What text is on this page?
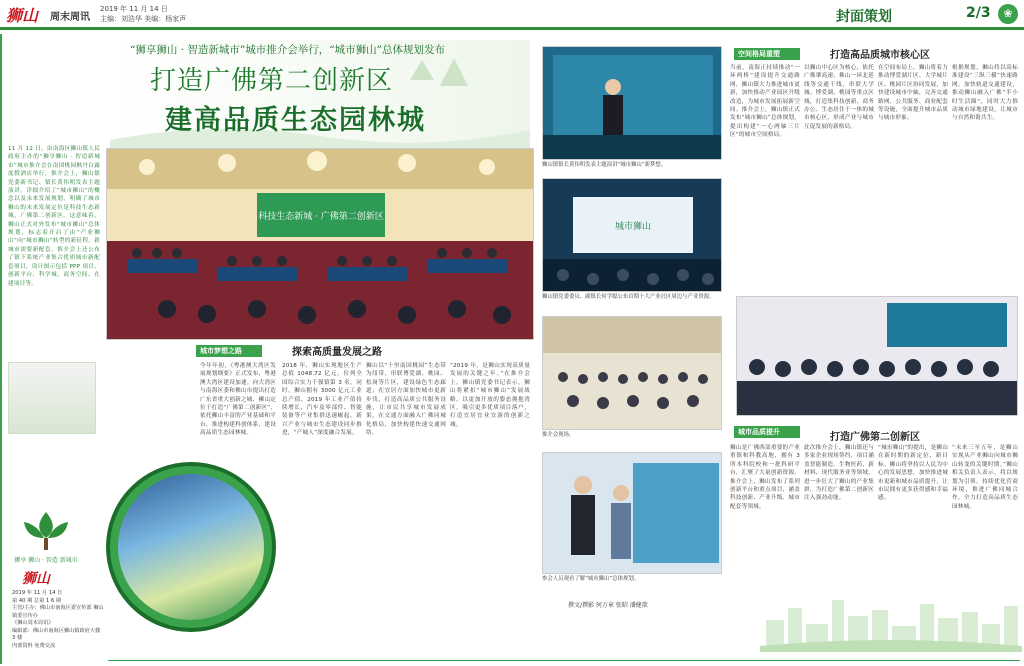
狮山	周末周讯
2019 年 11 月 14 日
主编：刘浩华 美编：杨家声	封面策划	2/3	❀
“狮享狮山 · 智造新城市”城市推介会举行，“城市狮山”总体规划发布
打造广佛第二创新区
建高品质生态园林城
11 月 12 日，由南海区狮山镇人民政府主办的“狮享狮山 · 智造新城市”城市推介会在南国桃园枫丹白露度假酒店举行。推介会上，狮山镇党委新书记、镇长黄伟明发表主题演讲，详细介绍了“城市狮山”的概念以及未来发展规划，明确了城市狮山的未来发展定位是科技生态新城，广佛第二创新区。这意味着，狮山正式对外发布“城市狮山”总体规划，标志着开启了由“产业狮山”向“城市狮山”转型的新征程。新城市需要新配套。推介会上还公布了镇下系统产业集合优质城市新配套项目，设计图示包括 PPP 项目、创新平台、科学城、商务空间、在建项目等。
科技生态新城 · 广佛第二创新区
城市梦想之路	探索高质量发展之路
今年年初，《粤港澳大湾区发展规划纲要》正式发布，粤港澳大湾区建设加速。向大湾区与南海区委和佛山市提出打造广东省重大创新之城，狮山定位于打造“广佛第二创新区”，依托狮山丰富的产业基础和平台，推进构建科创体系，建设高品质生态园林城。
2018 年，狮山实现地区生产总值 1048.72 亿元，位列全国综合实力千强镇第 3 名。同时，狮山拥有 3000 亿元工业总产值、2019 年工业产值持续增长，汽车及零部件、智能装备等产业集群迅速崛起，新兴产业与城市生态建设同步推进，“产城人”深度融合发展。
狮山以“十里南国桃园”生态带为纽带，串联博爱湖、桃园、松岗等片区，建设绿色生态廊道；在宜居方面加快城市更新步伐，打造高品质公共服务设施，让市民共享城市发展成果，在交通方面融入广佛同城化格局，加快构建快速交通网络。
“2019 年，是狮山实现高质量发展的关键之年。”在推介会上，狮山镇党委书记表示，狮山将紧扣“城市狮山”发展战略，以更加开放的姿态拥抱湾区，吸引更多优质项目落户，打造宜居宜业宜游的创新之城。
狮享 狮山 · 智造 新城市
狮山
2019 年 11 月 14 日
第 40 期 总第 1 6 期
主管/主办：佛山市南海区委宣传部 狮山镇委宣传办
《狮山周末周讯》
编辑部：佛山市南海区狮山镇政府大楼 3 楼
内部资料 免费交流
狮山镇镇长黄伟明发表主题演讲“城市狮山”新梦想。
城市狮山
狮山镇党委委员、副镇长何学聪公布首期十大产业社区周边与产业资源。
推介会现场。
参会人员观看了解“城市狮山”总体规划。
撰文/撰影 何万章 张昭 潘健歆
空间格局重塑	打造高品质城市核心区
当前，南海正持续推动“一环两桥”建设提升交通路网，狮山镇大力推进城市更新，加快推动产业园区升级改造，为城市发展拓展新空间。推介会上，狮山镇正式发布“城市狮山”总体规划，提出构建“一心两轴三片区”的城市空间格局。
以狮山中心区为核心，依托广佛肇高速、佛山一环北延线等交通干线，串联大学城、博爱湖、桃园等重点区域，打造集科技创新、商务办公、生态居住于一体的城市核心区，形成产业与城市互促发展的新格局。
在空间布局上，狮山将着力推动博爱湖片区、大学城片区、桃园片区协同发展，加快建设城市中轴，完善交通路网、公共服务、商业配套等设施，全面提升城市品质与城市形象。
根据规划，狮山将以高标准建设“三纵三横”快速路网，加快轨道交通建设，推动狮山融入广佛“半小时生活圈”，同时大力推动城市绿地建设，让城市与自然和谐共生。
城市品质提升	打造广佛第二创新区
狮山是广佛西部重要的产业重镇和科教高地，拥有 3 所本科院校和一批科研平台，汇聚了大量创新资源。推介会上，狮山发布了系列创新平台和重点项目，涵盖科技创新、产业升级、城市配套等领域。
此次推介会上，狮山镇还与多家企业现场签约，项目涵盖智能制造、生物医药、新材料、现代服务业等领域，进一步壮大了狮山的产业集群，为打造广佛第二创新区注入强劲动能。
“城市狮山”的提出，是狮山在新时期的新定位、新目标。狮山将坚持以人民为中心的发展思想，加快推进城市更新和城市品质提升，让市民拥有更多获得感和幸福感。
“未来三至五年，是狮山实现从产业狮山向城市狮山转变的关键时期。”狮山相关负责人表示，将以规划为引领，持续优化营商环境，推进广佛同城合作，全力打造高品质生态园林城。
